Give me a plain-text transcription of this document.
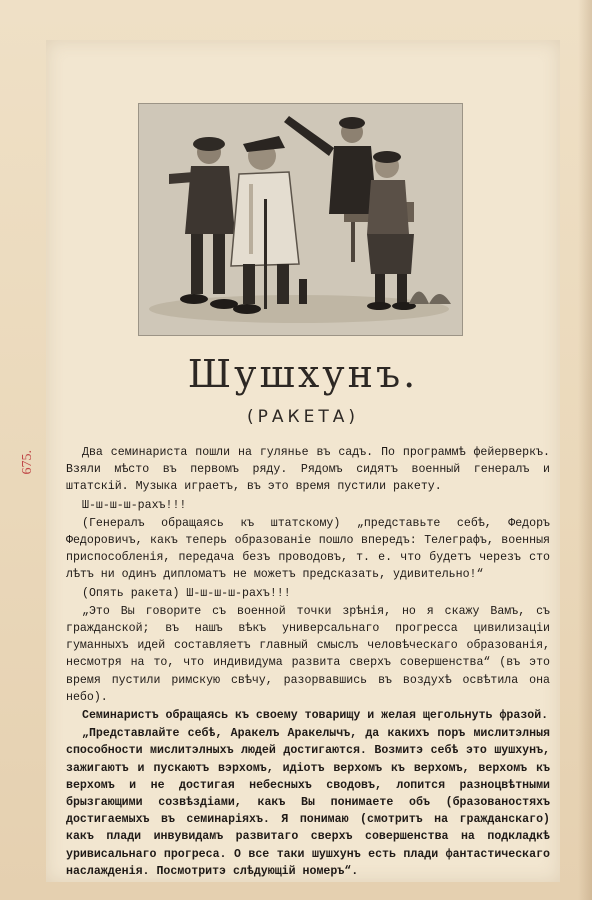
Шушхунъ.
(РАКЕТА)
675.	Два семинариста пошли на гулянье въ садъ. По программѣ фейерверкъ. Взяли мѣсто въ первомъ ряду. Рядомъ сидятъ военный генералъ и штатскій. Музыка играетъ, въ это время пустили ракету.

Ш-ш-ш-ш-рахъ!!!

(Генералъ обращаясь къ штатскому) „представьте себѣ, Федоръ Федоровичъ, какъ теперь образованіе пошло впередъ: Телеграфъ, военныя приспособленія, передача безъ проводовъ, т. е. что будетъ черезъ сто лѣтъ ни одинъ дипломатъ не можетъ предсказать, удивительно!“

(Опять ракета) Ш-ш-ш-ш-рахъ!!!

„Это Вы говорите съ военной точки зрѣнія, но я скажу Вамъ, съ гражданской; въ нашъ вѣкъ универсальнаго прогресса цивилизаціи гуманныхъ идей составляетъ главный смыслъ человѣческаго образованія, несмотря на то, что индивидума развита сверхъ совершенства“ (въ это время пустили римскую свѣчу, разорвавшись въ воздухѣ освѣтила она небо).

Семинаристъ обращаясь къ своему товарищу и желая щегольнуть фразой.

„Представлайте себѣ, Аракелъ Аракелычъ, да какихъ поръ мислитэлныя способности мислитэлныхъ людей достигаются. Возмитэ себѣ это шушхунъ, зажигаютъ и пускаютъ вэрхомъ, идіотъ верхомъ къ верхомъ, верхомъ къ верхомъ и не достигая небесныхъ сводовъ, лопится разноцвѣтными брызгающими созвѣздіами, какъ Вы понимаете объ (бразованостяхъ достигаемыхъ въ семинаріяхъ. Я понимаю (смотритъ на гражданскаго) какъ плади инвувидамъ развитаго сверхъ совершенства на подкладкѣ уривисальнаго прогреса. О все таки шушхунъ есть плади фантастическаго наслажденія. Посмотритэ слѣдующій номеръ“.
